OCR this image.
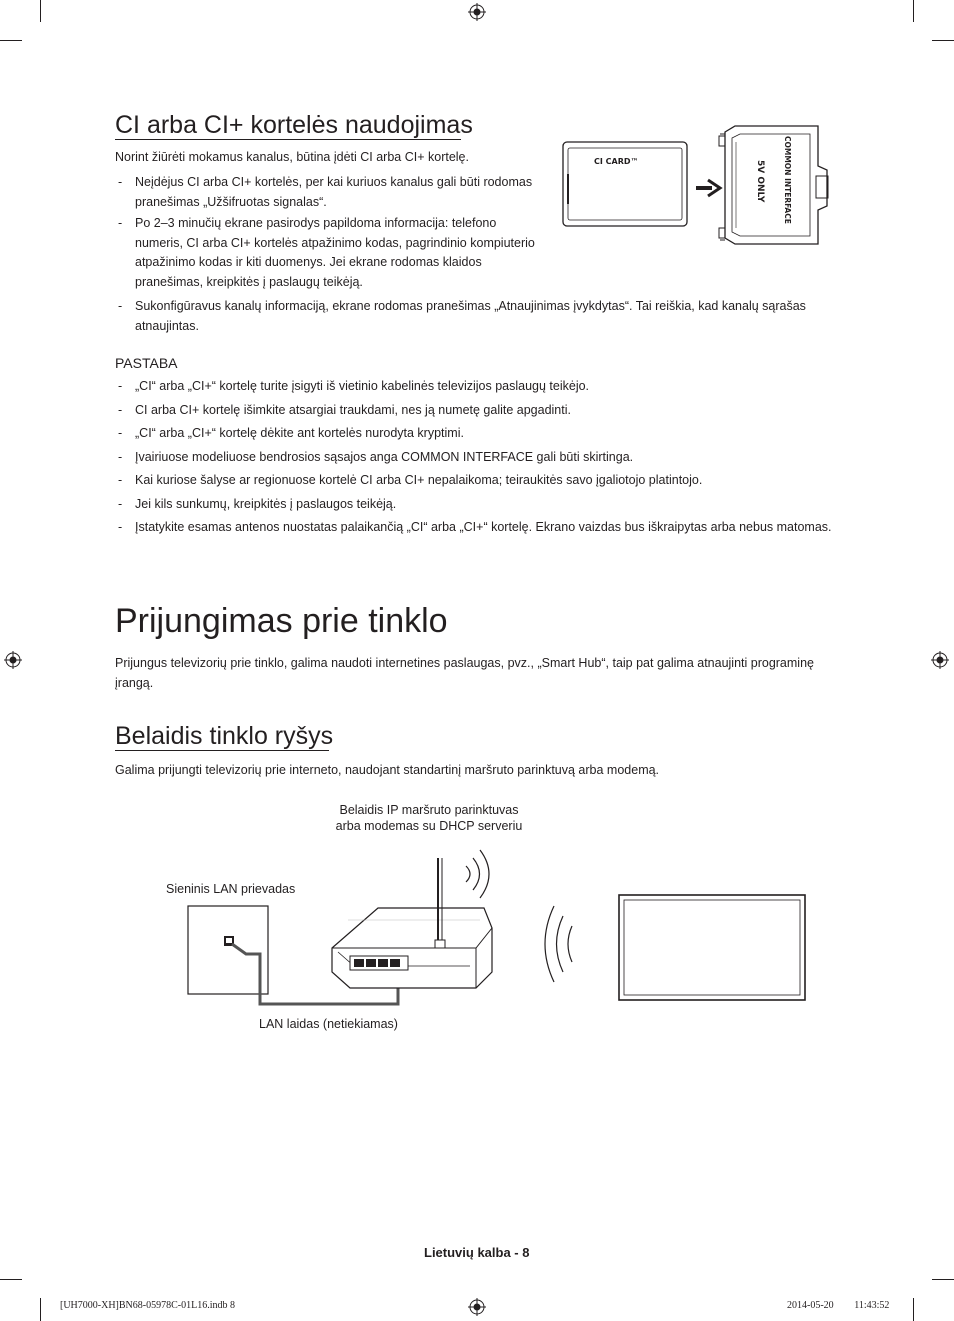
CI arba CI+ kortelės naudojimas

Norint žiūrėti mokamus kanalus, būtina įdėti CI arba CI+ kortelę.

- Neįdėjus CI arba CI+ kortelės, per kai kuriuos kanalus gali būti rodomas pranešimas „Užšifruotas signalas“.
- Po 2–3 minučių ekrane pasirodys papildoma informacija: telefono numeris, CI arba CI+ kortelės atpažinimo kodas, pagrindinio kompiuterio atpažinimo kodas ir kiti duomenys. Jei ekrane rodomas klaidos pranešimas, kreipkitės į paslaugų teikėją.
- Sukonfigūravus kanalų informaciją, ekrane rodomas pranešimas „Atnaujinimas įvykdytas“. Tai reiškia, kad kanalų sąrašas atnaujintas.
CI CARD™	COMMON INTERFACE
5V ONLY
PASTABA
- „CI“ arba „CI+“ kortelę turite įsigyti iš vietinio kabelinės televizijos paslaugų teikėjo.
- CI arba CI+ kortelę išimkite atsargiai traukdami, nes ją numetę galite apgadinti.
- „CI“ arba „CI+“ kortelę dėkite ant kortelės nurodyta kryptimi.
- Įvairiuose modeliuose bendrosios sąsajos anga COMMON INTERFACE gali būti skirtinga.
- Kai kuriose šalyse ar regionuose kortelė CI arba CI+ nepalaikoma; teiraukitės savo įgaliotojo platintojo.
- Jei kils sunkumų, kreipkitės į paslaugos teikėją.
- Įstatykite esamas antenos nuostatas palaikančią „CI“ arba „CI+“ kortelę. Ekrano vaizdas bus iškraipytas arba nebus matomas.
Prijungimas prie tinklo

Prijungus televizorių prie tinklo, galima naudoti internetines paslaugas, pvz., „Smart Hub“, taip pat galima atnaujinti programinę įrangą.

Belaidis tinklo ryšys

Galima prijungti televizorių prie interneto, naudojant standartinį maršruto parinktuvą arba modemą.

Belaidis IP maršruto parinktuvas
arba modemas su DHCP serveriu
Sieninis LAN prievadas
LAN laidas (netiekiamas)
Lietuvių kalba - 8
[UH7000-XH]BN68-05978C-01L16.indb 8	2014-05-20 ￿￿ 11:43:52
